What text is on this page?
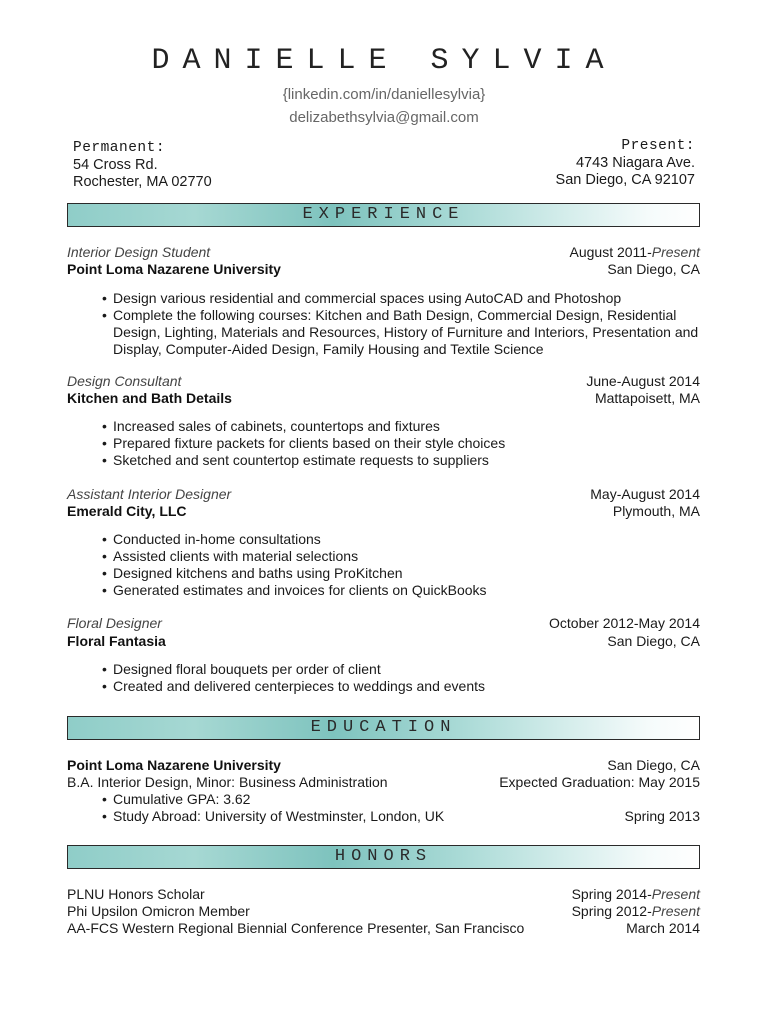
DANIELLE SYLVIA
{linkedin.com/in/daniellesylvia}
delizabethsylvia@gmail.com
Permanent:
54 Cross Rd.
Rochester, MA 02770
Present:
4743 Niagara Ave.
San Diego, CA 92107
EXPERIENCE
Interior Design Student	August 2011-Present
Point Loma Nazarene University	San Diego, CA
• Design various residential and commercial spaces using AutoCAD and Photoshop
• Complete the following courses: Kitchen and Bath Design, Commercial Design, Residential Design, Lighting, Materials and Resources, History of Furniture and Interiors, Presentation and Display, Computer-Aided Design, Family Housing and Textile Science
Design Consultant	June-August 2014
Kitchen and Bath Details	Mattapoisett, MA
• Increased sales of cabinets, countertops and fixtures
• Prepared fixture packets for clients based on their style choices
• Sketched and sent countertop estimate requests to suppliers
Assistant Interior Designer	May-August 2014
Emerald City, LLC	Plymouth, MA
• Conducted in-home consultations
• Assisted clients with material selections
• Designed kitchens and baths using ProKitchen
• Generated estimates and invoices for clients on QuickBooks
Floral Designer	October 2012-May 2014
Floral Fantasia	San Diego, CA
• Designed floral bouquets per order of client
• Created and delivered centerpieces to weddings and events
EDUCATION
Point Loma Nazarene University	San Diego, CA
B.A. Interior Design, Minor: Business Administration	Expected Graduation: May 2015
• Cumulative GPA: 3.62
• Study Abroad: University of Westminster, London, UK	Spring 2013
HONORS
PLNU Honors Scholar	Spring 2014-Present
Phi Upsilon Omicron Member	Spring 2012-Present
AA-FCS Western Regional Biennial Conference Presenter, San Francisco	March 2014
